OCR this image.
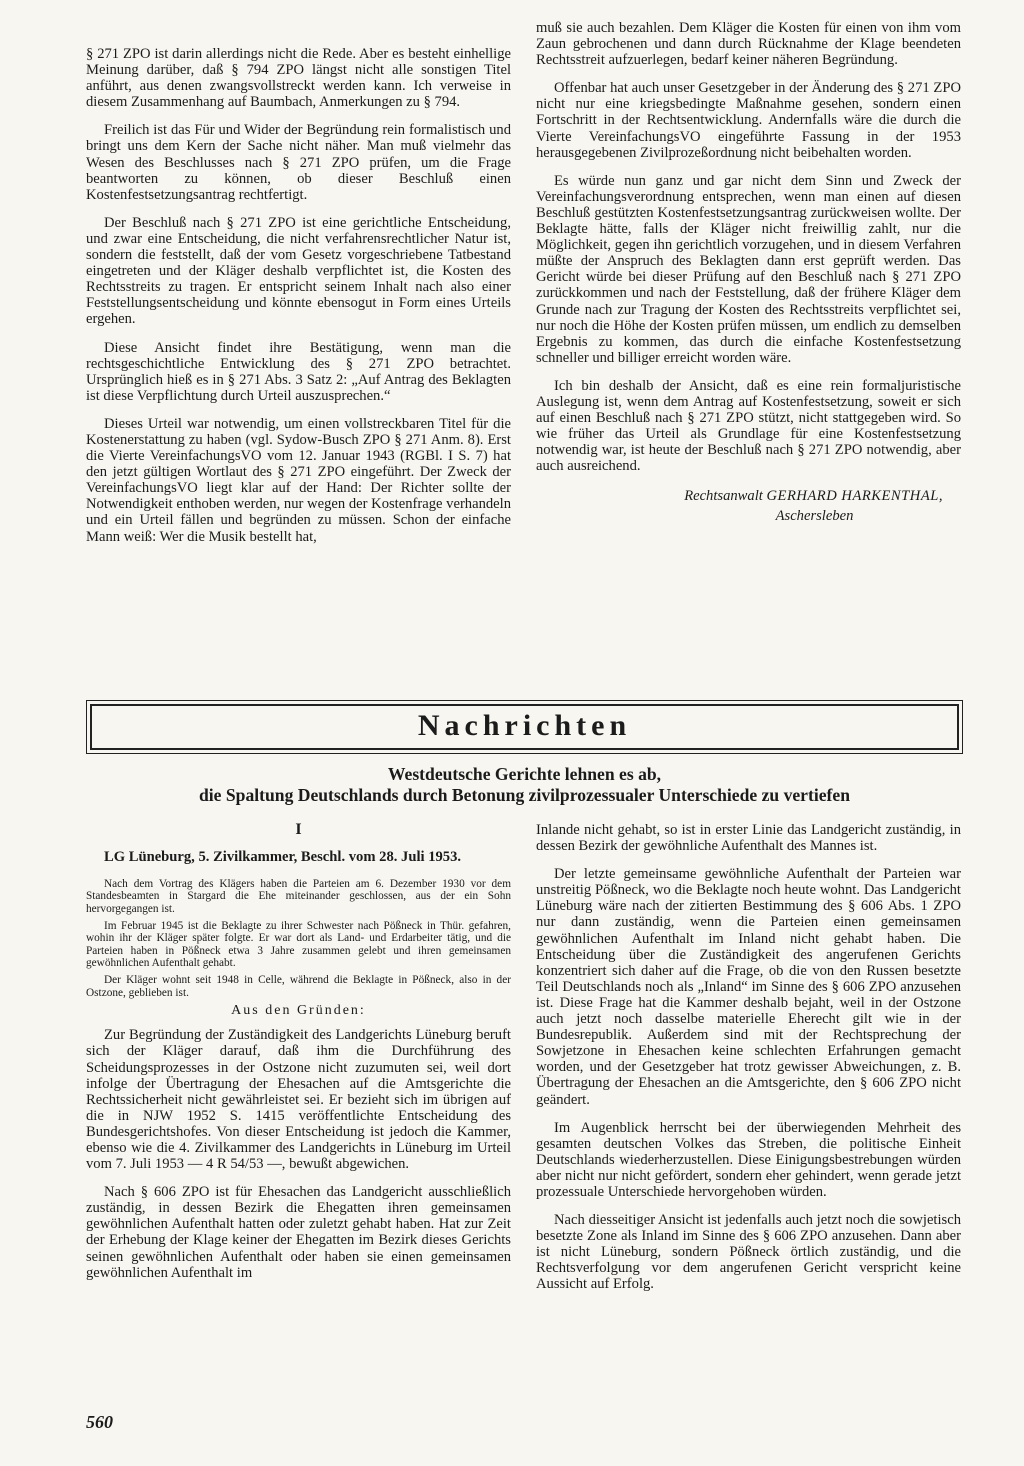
§ 271 ZPO ist darin allerdings nicht die Rede. Aber es besteht einhellige Meinung darüber, daß § 794 ZPO längst nicht alle sonstigen Titel anführt, aus denen zwangsvollstreckt werden kann. Ich verweise in diesem Zusammenhang auf Baumbach, Anmerkungen zu § 794.

Freilich ist das Für und Wider der Begründung rein formalistisch und bringt uns dem Kern der Sache nicht näher. Man muß vielmehr das Wesen des Beschlusses nach § 271 ZPO prüfen, um die Frage beantworten zu können, ob dieser Beschluß einen Kostenfestsetzungsantrag rechtfertigt.

Der Beschluß nach § 271 ZPO ist eine gerichtliche Entscheidung, und zwar eine Entscheidung, die nicht verfahrensrechtlicher Natur ist, sondern die feststellt, daß der vom Gesetz vorgeschriebene Tatbestand eingetreten und der Kläger deshalb verpflichtet ist, die Kosten des Rechtsstreits zu tragen. Er entspricht seinem Inhalt nach also einer Feststellungsentscheidung und könnte ebensogut in Form eines Urteils ergehen.

Diese Ansicht findet ihre Bestätigung, wenn man die rechtsgeschichtliche Entwicklung des § 271 ZPO betrachtet. Ursprünglich hieß es in § 271 Abs. 3 Satz 2: „Auf Antrag des Beklagten ist diese Verpflichtung durch Urteil auszusprechen.“

Dieses Urteil war notwendig, um einen vollstreckbaren Titel für die Kostenerstattung zu haben (vgl. Sydow-Busch ZPO § 271 Anm. 8). Erst die Vierte VereinfachungsVO vom 12. Januar 1943 (RGBl. I S. 7) hat den jetzt gültigen Wortlaut des § 271 ZPO eingeführt. Der Zweck der VereinfachungsVO liegt klar auf der Hand: Der Richter sollte der Notwendigkeit enthoben werden, nur wegen der Kostenfrage verhandeln und ein Urteil fällen und begründen zu müssen. Schon der einfache Mann weiß: Wer die Musik bestellt hat,

muß sie auch bezahlen. Dem Kläger die Kosten für einen von ihm vom Zaun gebrochenen und dann durch Rücknahme der Klage beendeten Rechtsstreit aufzuerlegen, bedarf keiner näheren Begründung.

Offenbar hat auch unser Gesetzgeber in der Änderung des § 271 ZPO nicht nur eine kriegsbedingte Maßnahme gesehen, sondern einen Fortschritt in der Rechtsentwicklung. Andernfalls wäre die durch die Vierte VereinfachungsVO eingeführte Fassung in der 1953 herausgegebenen Zivilprozeßordnung nicht beibehalten worden.

Es würde nun ganz und gar nicht dem Sinn und Zweck der Vereinfachungsverordnung entsprechen, wenn man einen auf diesen Beschluß gestützten Kostenfestsetzungsantrag zurückweisen wollte. Der Beklagte hätte, falls der Kläger nicht freiwillig zahlt, nur die Möglichkeit, gegen ihn gerichtlich vorzugehen, und in diesem Verfahren müßte der Anspruch des Beklagten dann erst geprüft werden. Das Gericht würde bei dieser Prüfung auf den Beschluß nach § 271 ZPO zurückkommen und nach der Feststellung, daß der frühere Kläger dem Grunde nach zur Tragung der Kosten des Rechtsstreits verpflichtet sei, nur noch die Höhe der Kosten prüfen müssen, um endlich zu demselben Ergebnis zu kommen, das durch die einfache Kostenfestsetzung schneller und billiger erreicht worden wäre.

Ich bin deshalb der Ansicht, daß es eine rein formaljuristische Auslegung ist, wenn dem Antrag auf Kostenfestsetzung, soweit er sich auf einen Beschluß nach § 271 ZPO stützt, nicht stattgegeben wird. So wie früher das Urteil als Grundlage für eine Kostenfestsetzung notwendig war, ist heute der Beschluß nach § 271 ZPO notwendig, aber auch ausreichend.

Rechtsanwalt GERHARD HARKENTHAL,
Aschersleben
Nachrichten
Westdeutsche Gerichte lehnen es ab,
die Spaltung Deutschlands durch Betonung zivilprozessualer Unterschiede zu vertiefen
I

LG Lüneburg, 5. Zivilkammer, Beschl. vom 28. Juli 1953.

Nach dem Vortrag des Klägers haben die Parteien am 6. Dezember 1930 vor dem Standesbeamten in Stargard die Ehe miteinander geschlossen, aus der ein Sohn hervorgegangen ist.

Im Februar 1945 ist die Beklagte zu ihrer Schwester nach Pößneck in Thür. gefahren, wohin ihr der Kläger später folgte. Er war dort als Land- und Erdarbeiter tätig, und die Parteien haben in Pößneck etwa 3 Jahre zusammen gelebt und ihren gemeinsamen gewöhnlichen Aufenthalt gehabt.

Der Kläger wohnt seit 1948 in Celle, während die Beklagte in Pößneck, also in der Ostzone, geblieben ist.

Aus den Gründen:

Zur Begründung der Zuständigkeit des Landgerichts Lüneburg beruft sich der Kläger darauf, daß ihm die Durchführung des Scheidungsprozesses in der Ostzone nicht zuzumuten sei, weil dort infolge der Übertragung der Ehesachen auf die Amtsgerichte die Rechtssicherheit nicht gewährleistet sei. Er bezieht sich im übrigen auf die in NJW 1952 S. 1415 veröffentlichte Entscheidung des Bundesgerichtshofes. Von dieser Entscheidung ist jedoch die Kammer, ebenso wie die 4. Zivilkammer des Landgerichts in Lüneburg im Urteil vom 7. Juli 1953 — 4 R 54/53 —, bewußt abgewichen.

Nach § 606 ZPO ist für Ehesachen das Landgericht ausschließlich zuständig, in dessen Bezirk die Ehegatten ihren gemeinsamen gewöhnlichen Aufenthalt hatten oder zuletzt gehabt haben. Hat zur Zeit der Erhebung der Klage keiner der Ehegatten im Bezirk dieses Gerichts seinen gewöhnlichen Aufenthalt oder haben sie einen gemeinsamen gewöhnlichen Aufenthalt im

Inlande nicht gehabt, so ist in erster Linie das Landgericht zuständig, in dessen Bezirk der gewöhnliche Aufenthalt des Mannes ist.

Der letzte gemeinsame gewöhnliche Aufenthalt der Parteien war unstreitig Pößneck, wo die Beklagte noch heute wohnt. Das Landgericht Lüneburg wäre nach der zitierten Bestimmung des § 606 Abs. 1 ZPO nur dann zuständig, wenn die Parteien einen gemeinsamen gewöhnlichen Aufenthalt im Inland nicht gehabt haben. Die Entscheidung über die Zuständigkeit des angerufenen Gerichts konzentriert sich daher auf die Frage, ob die von den Russen besetzte Teil Deutschlands noch als „Inland“ im Sinne des § 606 ZPO anzusehen ist. Diese Frage hat die Kammer deshalb bejaht, weil in der Ostzone auch jetzt noch dasselbe materielle Eherecht gilt wie in der Bundesrepublik. Außerdem sind mit der Rechtsprechung der Sowjetzone in Ehesachen keine schlechten Erfahrungen gemacht worden, und der Gesetzgeber hat trotz gewisser Abweichungen, z. B. Übertragung der Ehesachen an die Amtsgerichte, den § 606 ZPO nicht geändert.

Im Augenblick herrscht bei der überwiegenden Mehrheit des gesamten deutschen Volkes das Streben, die politische Einheit Deutschlands wiederherzustellen. Diese Einigungsbestrebungen würden aber nicht nur nicht gefördert, sondern eher gehindert, wenn gerade jetzt prozessuale Unterschiede hervorgehoben würden.

Nach diesseitiger Ansicht ist jedenfalls auch jetzt noch die sowjetisch besetzte Zone als Inland im Sinne des § 606 ZPO anzusehen. Dann aber ist nicht Lüneburg, sondern Pößneck örtlich zuständig, und die Rechtsverfolgung vor dem angerufenen Gericht verspricht keine Aussicht auf Erfolg.

560
